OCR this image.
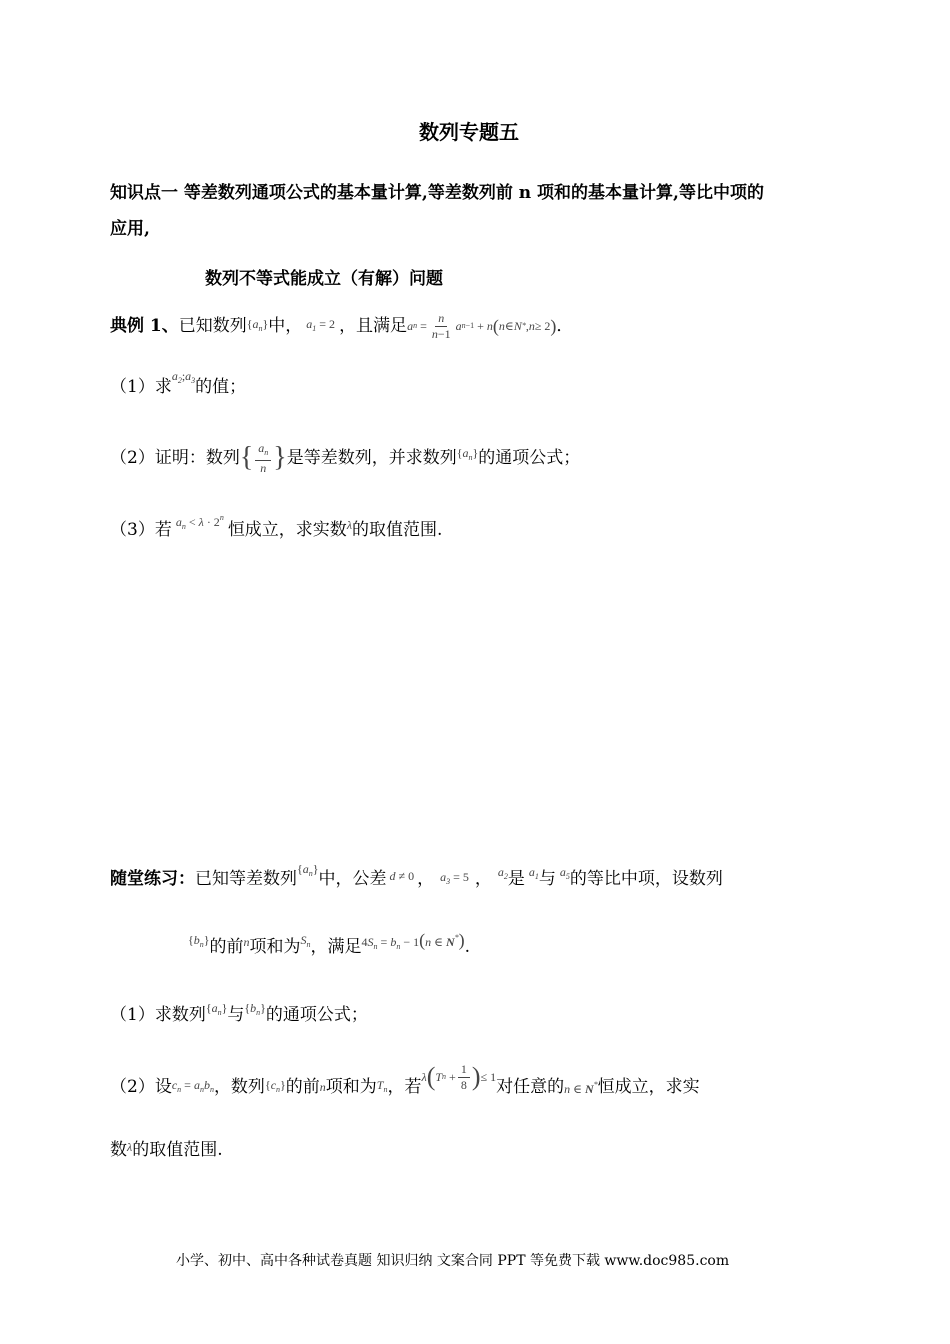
数列专题五
知识点一 等差数列通项公式的基本量计算,等差数列前 n 项和的基本量计算,等比中项的
应用,
数列不等式能成立（有解）问题
典例 1、 已知数列 $\{a_n\}$ 中， $a_1 = 2$ ，且满足 a n
= $\frac{n}{n-1}$ a n−1
+ n ( n ∈ N * , n ≥ 2 ) ．
（1）求
$a_2;a_3$ 的值；
（2）证明：数列 { $\frac{a_n}{n}$ } 是等差数列，并求数列 $\{a_n\}$ 的通项公式；
（3）若 $a_n < \lambda \cdot 2^n$
恒成立，求实数 λ 的取值范围.
随堂练习： 已知等差数列
$\{a_n\}$
中，公差 d ≠ 0 ， $a_3 = 5$ ， $a_2$ 是 $a_1$ 与 $a_5$ 的等比中项，设数列
$\{b_n\}$ 的前 n 项和为 $S_n$ ，满足 $4S_n = b_n - 1(n$ ∈ N*) .
（1）求数列 $\{a_n\}$ 与 $\{b_n\}$ 的通项公式；
（2）设 $c_n = a_nb_n$ ，数列 $\{c_n\}$ 的前 n 项和为 $T_n$ ，若 λ ( T n
+ $\frac{1}{8}$ ) ≤ 1 对任意的 n ∈ N* 恒成立，求实
数 λ 的取值范围.
小学、初中、高中各种试卷真题 知识归纳 文案合同 PPT 等免费下载 www.doc985.com
